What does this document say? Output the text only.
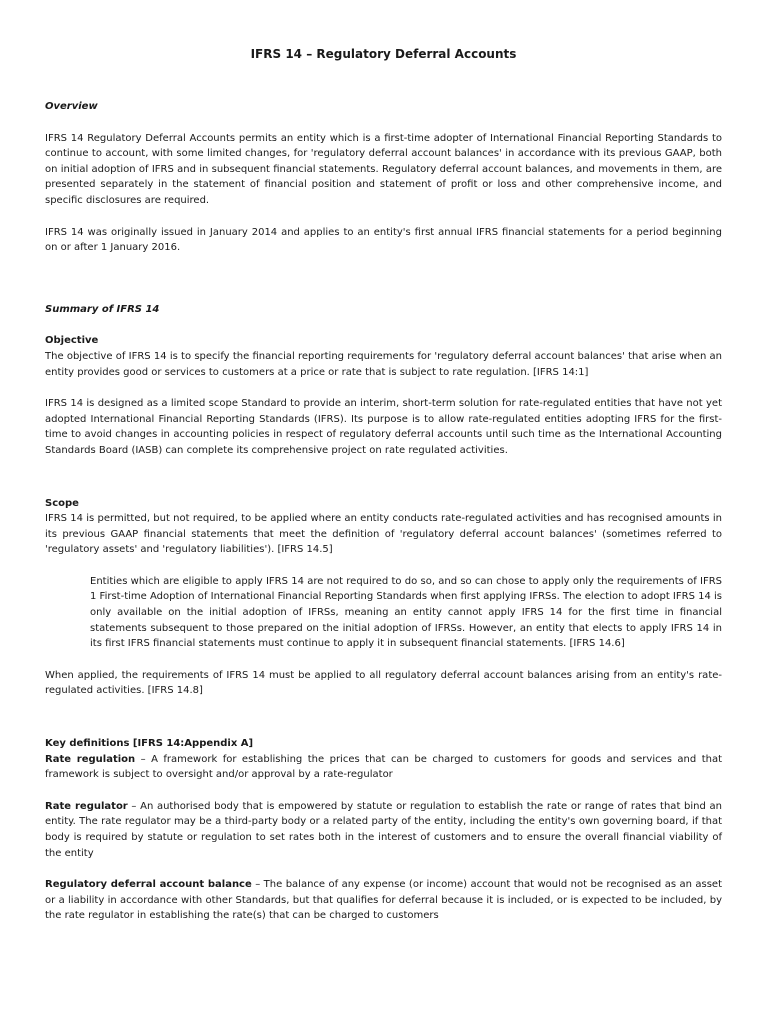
IFRS 14 – Regulatory Deferral Accounts
Overview

IFRS 14 Regulatory Deferral Accounts permits an entity which is a first-time adopter of International Financial Reporting Standards to continue to account, with some limited changes, for 'regulatory deferral account balances' in accordance with its previous GAAP, both on initial adoption of IFRS and in subsequent financial statements. Regulatory deferral account balances, and movements in them, are presented separately in the statement of financial position and statement of profit or loss and other comprehensive income, and specific disclosures are required.

IFRS 14 was originally issued in January 2014 and applies to an entity's first annual IFRS financial statements for a period beginning on or after 1 January 2016.

Summary of IFRS 14
Objective

The objective of IFRS 14 is to specify the financial reporting requirements for 'regulatory deferral account balances' that arise when an entity provides good or services to customers at a price or rate that is subject to rate regulation. [IFRS 14:1]

IFRS 14 is designed as a limited scope Standard to provide an interim, short-term solution for rate-regulated entities that have not yet adopted International Financial Reporting Standards (IFRS). Its purpose is to allow rate-regulated entities adopting IFRS for the first-time to avoid changes in accounting policies in respect of regulatory deferral accounts until such time as the International Accounting Standards Board (IASB) can complete its comprehensive project on rate regulated activities.

Scope

IFRS 14 is permitted, but not required, to be applied where an entity conducts rate-regulated activities and has recognised amounts in its previous GAAP financial statements that meet the definition of 'regulatory deferral account balances' (sometimes referred to 'regulatory assets' and 'regulatory liabilities'). [IFRS 14.5]

Entities which are eligible to apply IFRS 14 are not required to do so, and so can chose to apply only the requirements of IFRS 1 First-time Adoption of International Financial Reporting Standards when first applying IFRSs. The election to adopt IFRS 14 is only available on the initial adoption of IFRSs, meaning an entity cannot apply IFRS 14 for the first time in financial statements subsequent to those prepared on the initial adoption of IFRSs. However, an entity that elects to apply IFRS 14 in its first IFRS financial statements must continue to apply it in subsequent financial statements. [IFRS 14.6]

When applied, the requirements of IFRS 14 must be applied to all regulatory deferral account balances arising from an entity's rate-regulated activities. [IFRS 14.8]

Key definitions [IFRS 14:Appendix A]

Rate regulation – A framework for establishing the prices that can be charged to customers for goods and services and that framework is subject to oversight and/or approval by a rate-regulator

Rate regulator – An authorised body that is empowered by statute or regulation to establish the rate or range of rates that bind an entity. The rate regulator may be a third-party body or a related party of the entity, including the entity's own governing board, if that body is required by statute or regulation to set rates both in the interest of customers and to ensure the overall financial viability of the entity

Regulatory deferral account balance – The balance of any expense (or income) account that would not be recognised as an asset or a liability in accordance with other Standards, but that qualifies for deferral because it is included, or is expected to be included, by the rate regulator in establishing the rate(s) that can be charged to customers
